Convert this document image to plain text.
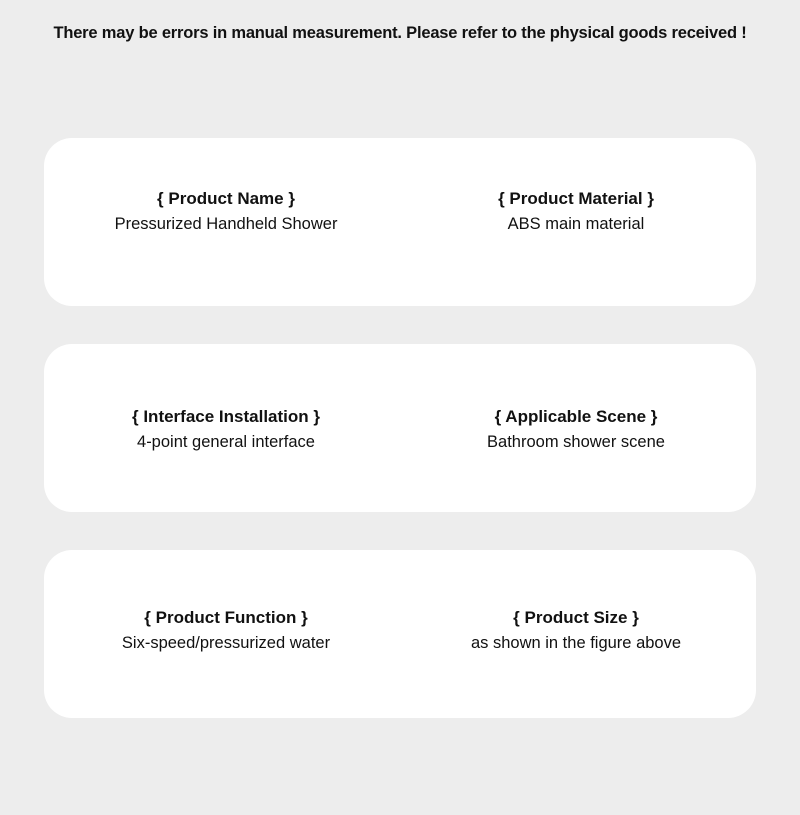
There may be errors in manual measurement. Please refer to the physical goods received !
{ Product Name }
Pressurized Handheld Shower
{ Product Material }
ABS main material
{ Interface Installation }
4-point general interface
{ Applicable Scene }
Bathroom shower scene
{ Product Function }
Six-speed/pressurized water
{ Product Size }
as shown in the figure above
